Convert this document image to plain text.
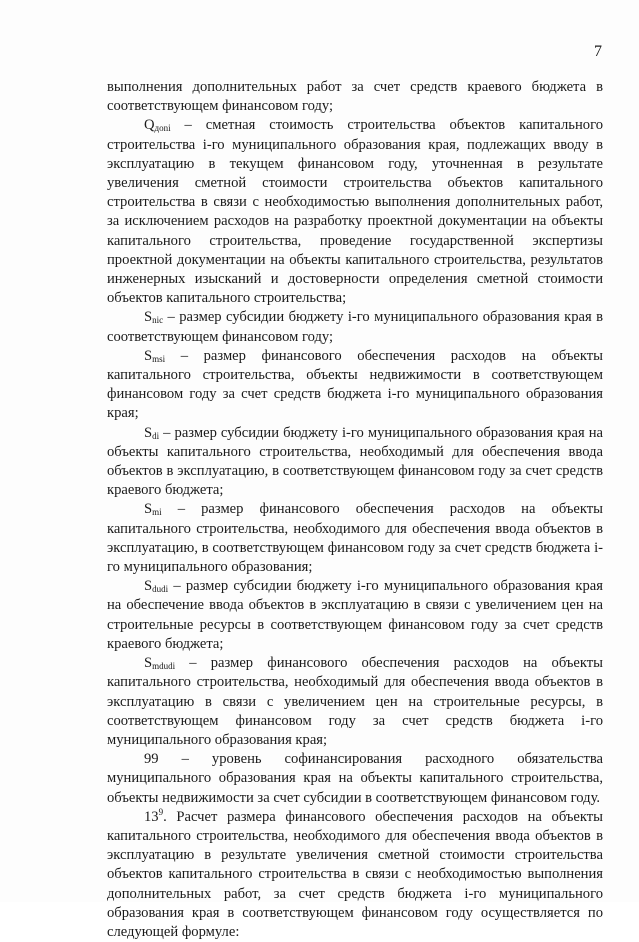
7

выполнения дополнительных работ за счет средств краевого бюджета в соответствующем финансовом году;

$Q_{доni}$ – сметная стоимость строительства объектов капитального строительства i-го муниципального образования края, подлежащих вводу в эксплуатацию в текущем финансовом году, уточненная в результате увеличения сметной стоимости строительства объектов капитального строительства в связи с необходимостью выполнения дополнительных работ, за исключением расходов на разработку проектной документации на объекты капитального строительства, проведение государственной экспертизы проектной документации на объекты капитального строительства, результатов инженерных изысканий и достоверности определения сметной стоимости объектов капитального строительства;

$S_{nic}$ – размер субсидии бюджету i-го муниципального образования края в соответствующем финансовом году;

$S_{msi}$ – размер финансового обеспечения расходов на объекты капитального строительства, объекты недвижимости в соответствующем финансовом году за счет средств бюджета i-го муниципального образования края;

$S_{di}$ – размер субсидии бюджету i-го муниципального образования края на объекты капитального строительства, необходимый для обеспечения ввода объектов в эксплуатацию, в соответствующем финансовом году за счет средств краевого бюджета;

$S_{mi}$ – размер финансового обеспечения расходов на объекты капитального строительства, необходимого для обеспечения ввода объектов в эксплуатацию, в соответствующем финансовом году за счет средств бюджета i-го муниципального образования;

$S_{dudi}$ – размер субсидии бюджету i-го муниципального образования края на обеспечение ввода объектов в эксплуатацию в связи с увеличением цен на строительные ресурсы в соответствующем финансовом году за счет средств краевого бюджета;

$S_{mdudi}$ – размер финансового обеспечения расходов на объекты капитального строительства, необходимый для обеспечения ввода объектов в эксплуатацию в связи с увеличением цен на строительные ресурсы, в соответствующем финансовом году за счет средств бюджета i-го муниципального образования края;

99 – уровень софинансирования расходного обязательства муниципального образования края на объекты капитального строительства, объекты недвижимости за счет субсидии в соответствующем финансовом году.

$13^9$. Расчет размера финансового обеспечения расходов на объекты капитального строительства, необходимого для обеспечения ввода объектов в эксплуатацию в результате увеличения сметной стоимости строительства объектов капитального строительства в связи с необходимостью выполнения дополнительных работ, за счет средств бюджета i-го муниципального образования края в соответствующем финансовом году осуществляется по следующей формуле:
